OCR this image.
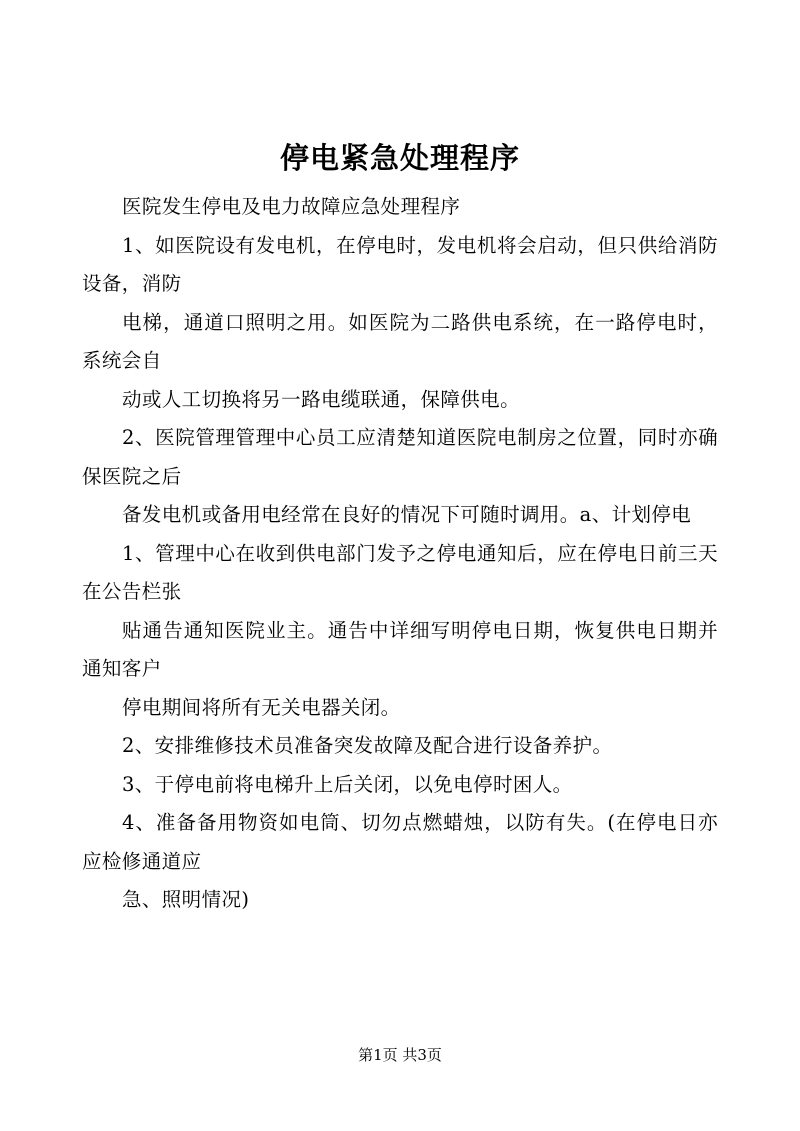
停电紧急处理程序

医院发生停电及电力故障应急处理程序

1、如医院设有发电机，在停电时，发电机将会启动，但只供给消防设备，消防

电梯，通道口照明之用。如医院为二路供电系统，在一路停电时，系统会自

动或人工切换将另一路电缆联通，保障供电。

2、医院管理管理中心员工应清楚知道医院电制房之位置，同时亦确保医院之后

备发电机或备用电经常在良好的情况下可随时调用。a、计划停电

1、管理中心在收到供电部门发予之停电通知后，应在停电日前三天在公告栏张

贴通告通知医院业主。通告中详细写明停电日期，恢复供电日期并通知客户

停电期间将所有无关电器关闭。

2、安排维修技术员准备突发故障及配合进行设备养护。

3、于停电前将电梯升上后关闭，以免电停时困人。

4、准备备用物资如电筒、切勿点燃蜡烛，以防有失。(在停电日亦应检修通道应

急、照明情况)

第1页 共3页
